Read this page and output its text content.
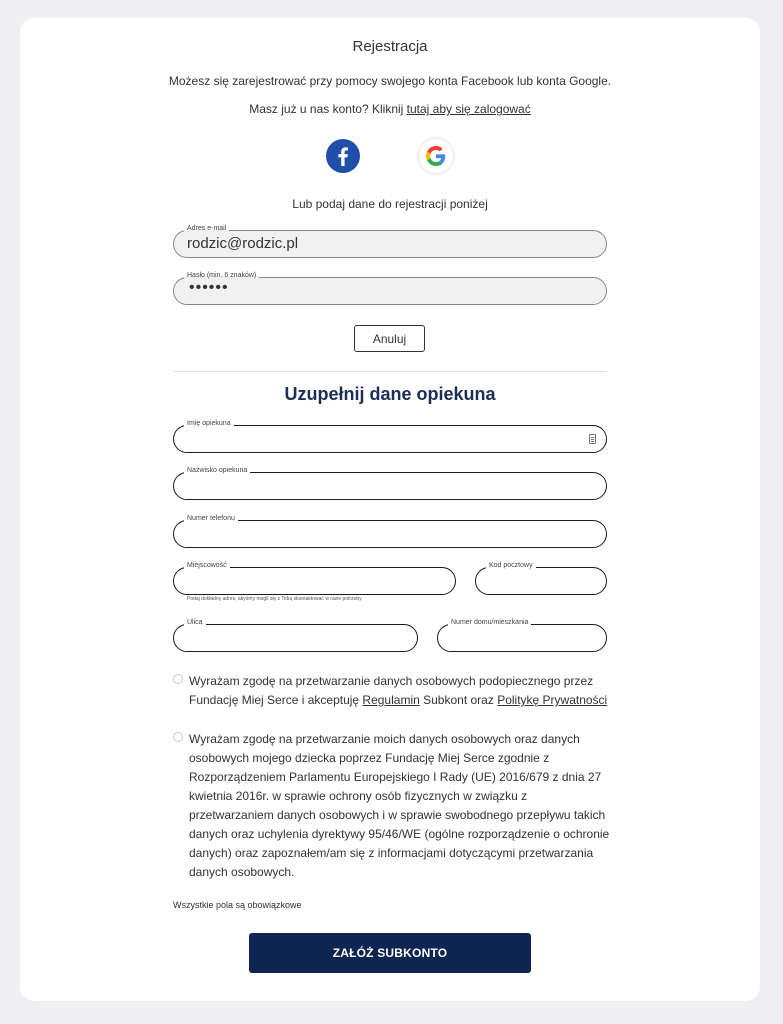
Rejestracja
Możesz się zarejestrować przy pomocy swojego konta Facebook lub konta Google.
Masz już u nas konto? Kliknij tutaj aby się zalogować
Lub podaj dane do rejestracji poniżej
Adres e-mail
rodzic@rodzic.pl
Hasło (min. 6 znaków)
••••••
Anuluj
Uzupełnij dane opiekuna
Imię opiekuna
Nazwisko opiekuna
Numer telefonu
Miejscowość	Kod pocztowy
Podaj dokładny adres, abyśmy mogli się z Tobą skontaktować w razie potrzeby
Ulica	Numer domu/mieszkania
Wyrażam zgodę na przetwarzanie danych osobowych podopiecznego przez Fundację Miej Serce i akceptuję Regulamin Subkont oraz Politykę Prywatności
Wyrażam zgodę na przetwarzanie moich danych osobowych oraz danych osobowych mojego dziecka poprzez Fundację Miej Serce zgodnie z Rozporządzeniem Parlamentu Europejskiego I Rady (UE) 2016/679 z dnia 27 kwietnia 2016r. w sprawie ochrony osób fizycznych w związku z przetwarzaniem danych osobowych i w sprawie swobodnego przepływu takich danych oraz uchylenia dyrektywy 95/46/WE (ogólne rozporządzenie o ochronie danych) oraz zapoznałem/am się z informacjami dotyczącymi przetwarzania danych osobowych.
Wszystkie pola są obowiązkowe
ZAŁÓŻ SUBKONTO
